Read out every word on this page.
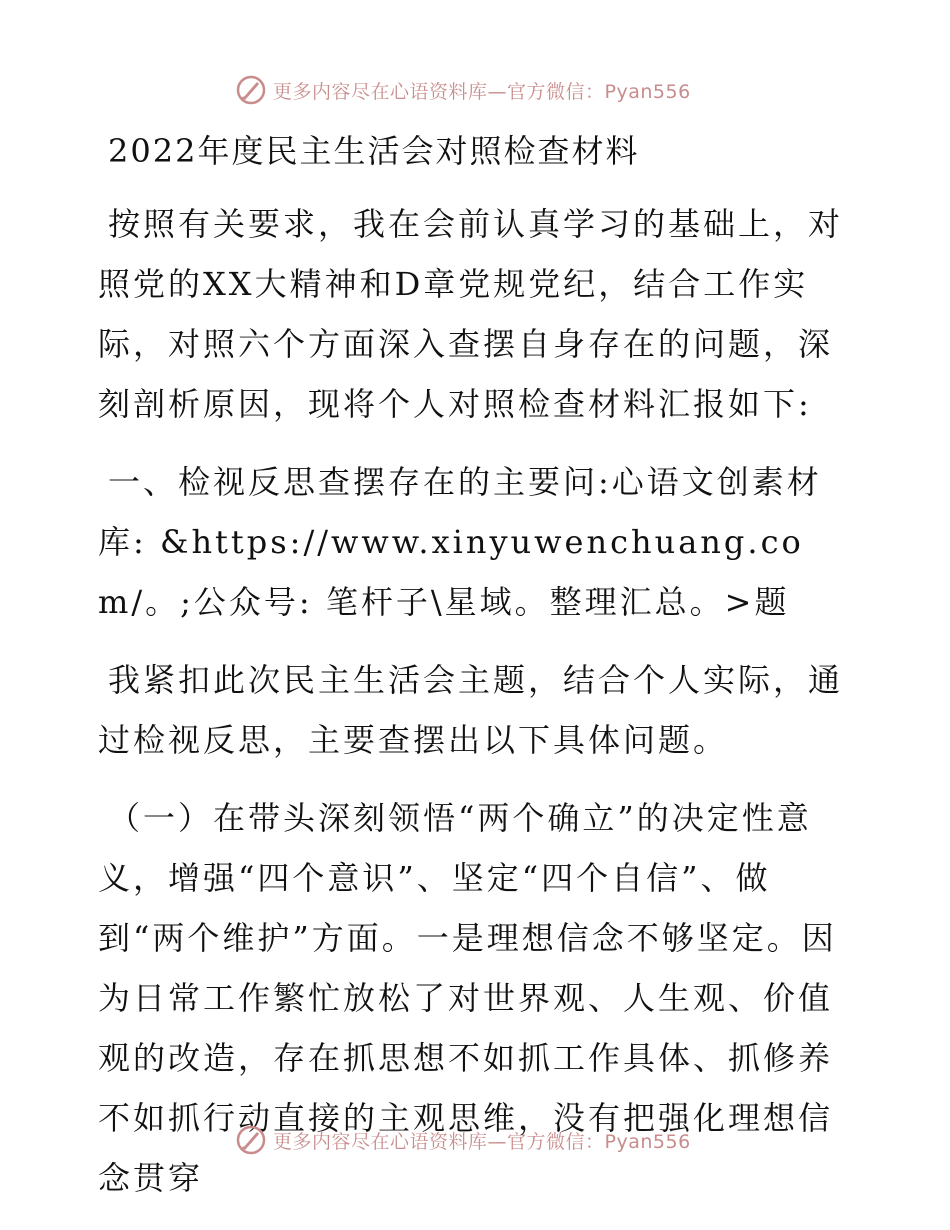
更多内容尽在心语资料库—官方微信：Pyan556
2022年度民主生活会对照检查材料

按照有关要求，我在会前认真学习的基础上，对照党的XX大精神和D章党规党纪，结合工作实际，对照六个方面深入查摆自身存在的问题，深刻剖析原因，现将个人对照检查材料汇报如下:

一、检视反思查摆存在的主要问:心语文创素材库: &https://www.xinyuwenchuang.com/。;公众号: 笔杆子\星域。整理汇总。>题

我紧扣此次民主生活会主题，结合个人实际，通过检视反思，主要查摆出以下具体问题。

（一）在带头深刻领悟“两个确立”的决定性意义，增强“四个意识”、坚定“四个自信”、做到“两个维护”方面。一是理想信念不够坚定。因为日常工作繁忙放松了对世界观、人生观、价值观的改造，存在抓思想不如抓工作具体、抓修养不如抓行动直接的主观思维，没有把强化理想信念贯穿

更多内容尽在心语资料库—官方微信：Pyan556
